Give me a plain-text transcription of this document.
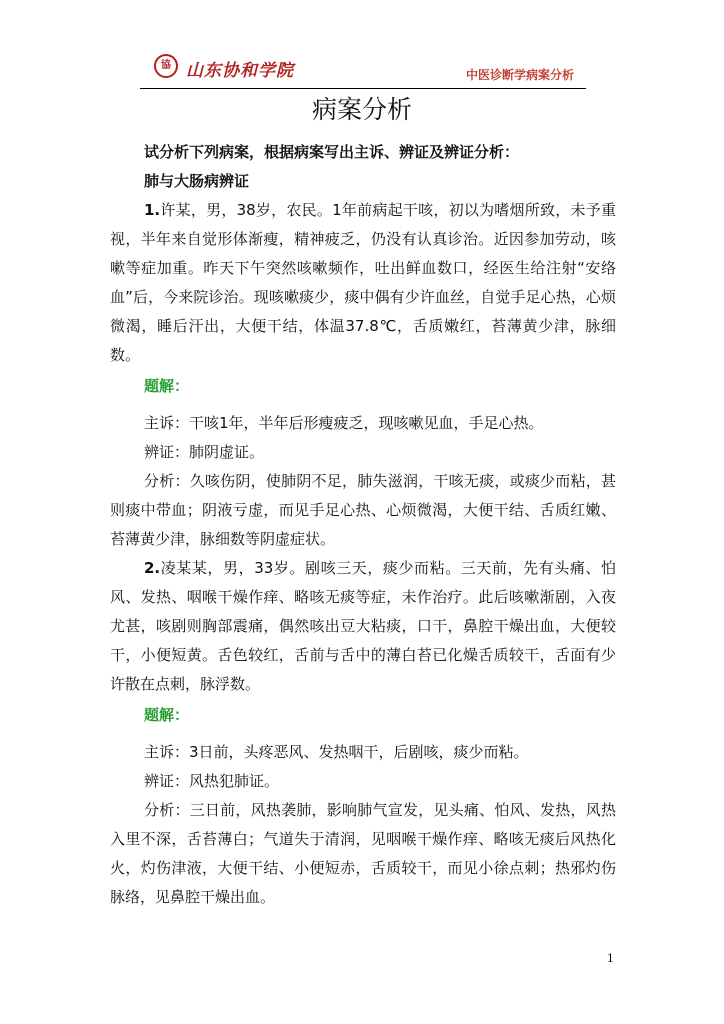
協 山东协和学院	中医诊断学病案分析
病案分析

试分析下列病案，根据病案写出主诉、辨证及辨证分析：

肺与大肠病辨证

1.许某，男，38岁，农民。1年前病起干咳，初以为嗜烟所致，未予重视，半年来自觉形体渐瘦，精神疲乏，仍没有认真诊治。近因参加劳动，咳嗽等症加重。昨天下午突然咳嗽频作，吐出鲜血数口，经医生给注射“安络血”后，今来院诊治。现咳嗽痰少，痰中偶有少许血丝，自觉手足心热，心烦微渴，睡后汗出，大便干结，体温37.8℃，舌质嫩红，苔薄黄少津，脉细数。

题解：

主诉：干咳1年，半年后形瘦疲乏，现咳嗽见血，手足心热。

辨证：肺阴虚证。

分析：久咳伤阴，使肺阴不足，肺失滋润，干咳无痰，或痰少而粘，甚则痰中带血；阴液亏虚，而见手足心热、心烦微渴，大便干结、舌质红嫩、苔薄黄少津，脉细数等阴虚症状。

2.凌某某，男，33岁。剧咳三天，痰少而粘。三天前，先有头痛、怕风、发热、咽喉干燥作痒、略咳无痰等症，未作治疗。此后咳嗽渐剧，入夜尤甚，咳剧则胸部震痛，偶然咳出豆大粘痰，口干，鼻腔干燥出血，大便较干，小便短黄。舌色较红，舌前与舌中的薄白苔已化燥舌质较干，舌面有少许散在点刺，脉浮数。

题解：

主诉：3日前，头疼恶风、发热咽干，后剧咳，痰少而粘。

辨证：风热犯肺证。

分析：三日前，风热袭肺，影响肺气宣发，见头痛、怕风、发热，风热入里不深，舌苔薄白；气道失于清润，见咽喉干燥作痒、略咳无痰后风热化火，灼伤津液，大便干结、小便短赤，舌质较干，而见小徐点刺；热邪灼伤脉络，见鼻腔干燥出血。

1
